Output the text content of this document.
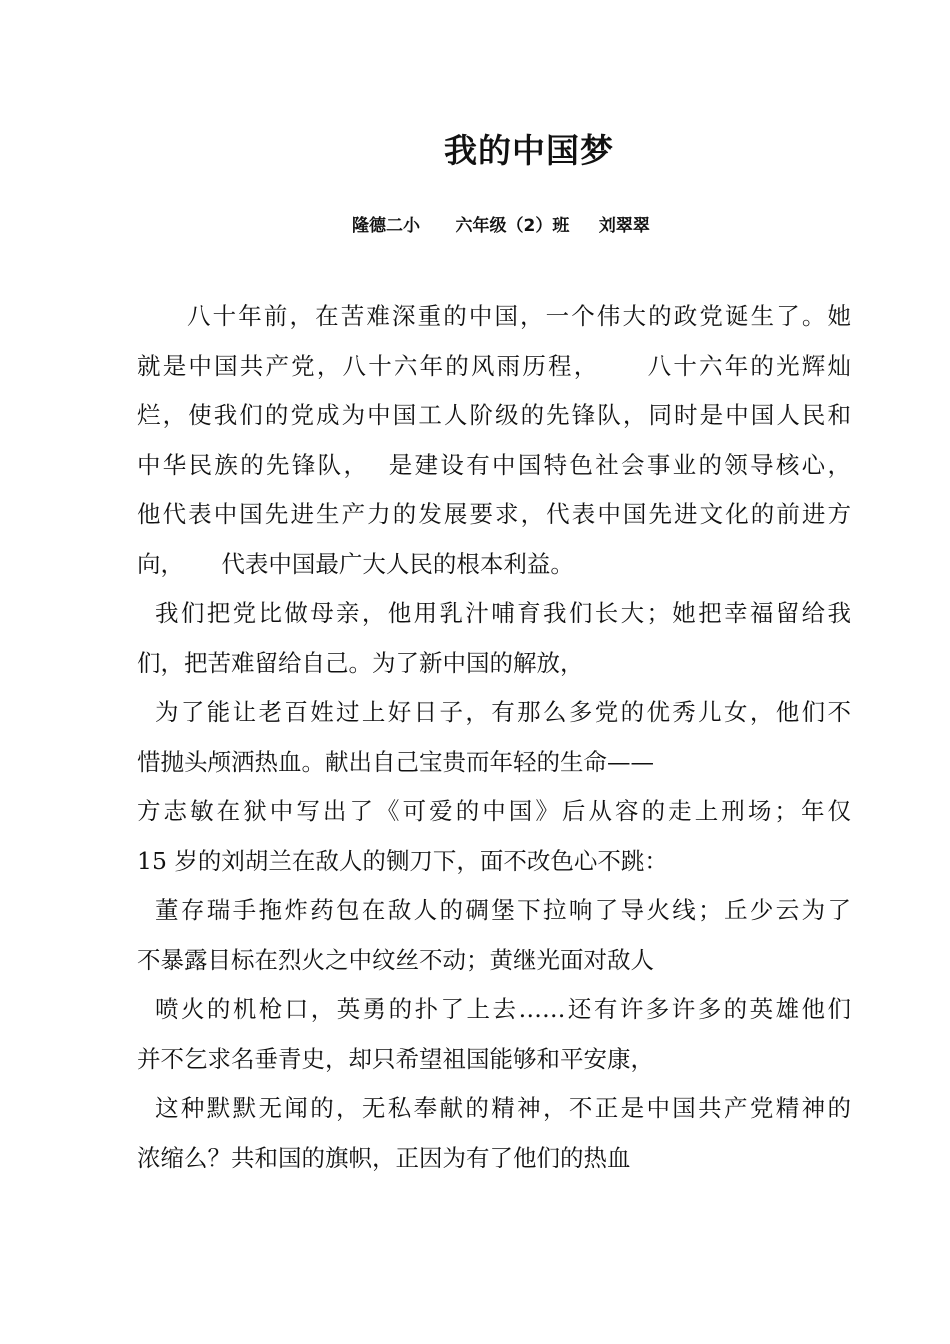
我的中国梦
隆德二小      六年级（2）班     刘翠翠
八十年前，在苦难深重的中国，一个伟大的政党诞生了。她
就是中国共产党，八十六年的风雨历程，     八十六年的光辉灿
烂，使我们的党成为中国工人阶级的先锋队，同时是中国人民和
中华民族的先锋队，  是建设有中国特色社会事业的领导核心，
他代表中国先进生产力的发展要求，代表中国先进文化的前进方
向，     代表中国最广大人民的根本利益。
我们把党比做母亲，他用乳汁哺育我们长大；她把幸福留给我
们，把苦难留给自己。为了新中国的解放，
为了能让老百姓过上好日子，有那么多党的优秀儿女，他们不
惜抛头颅洒热血。献出自己宝贵而年轻的生命——
方志敏在狱中写出了《可爱的中国》后从容的走上刑场；年仅
15 岁的刘胡兰在敌人的铡刀下，面不改色心不跳：
董存瑞手拖炸药包在敌人的碉堡下拉响了导火线；丘少云为了
不暴露目标在烈火之中纹丝不动；黄继光面对敌人
喷火的机枪口，英勇的扑了上去……还有许多许多的英雄他们
并不乞求名垂青史，却只希望祖国能够和平安康，
这种默默无闻的，无私奉献的精神，不正是中国共产党精神的
浓缩么？共和国的旗帜，正因为有了他们的热血
